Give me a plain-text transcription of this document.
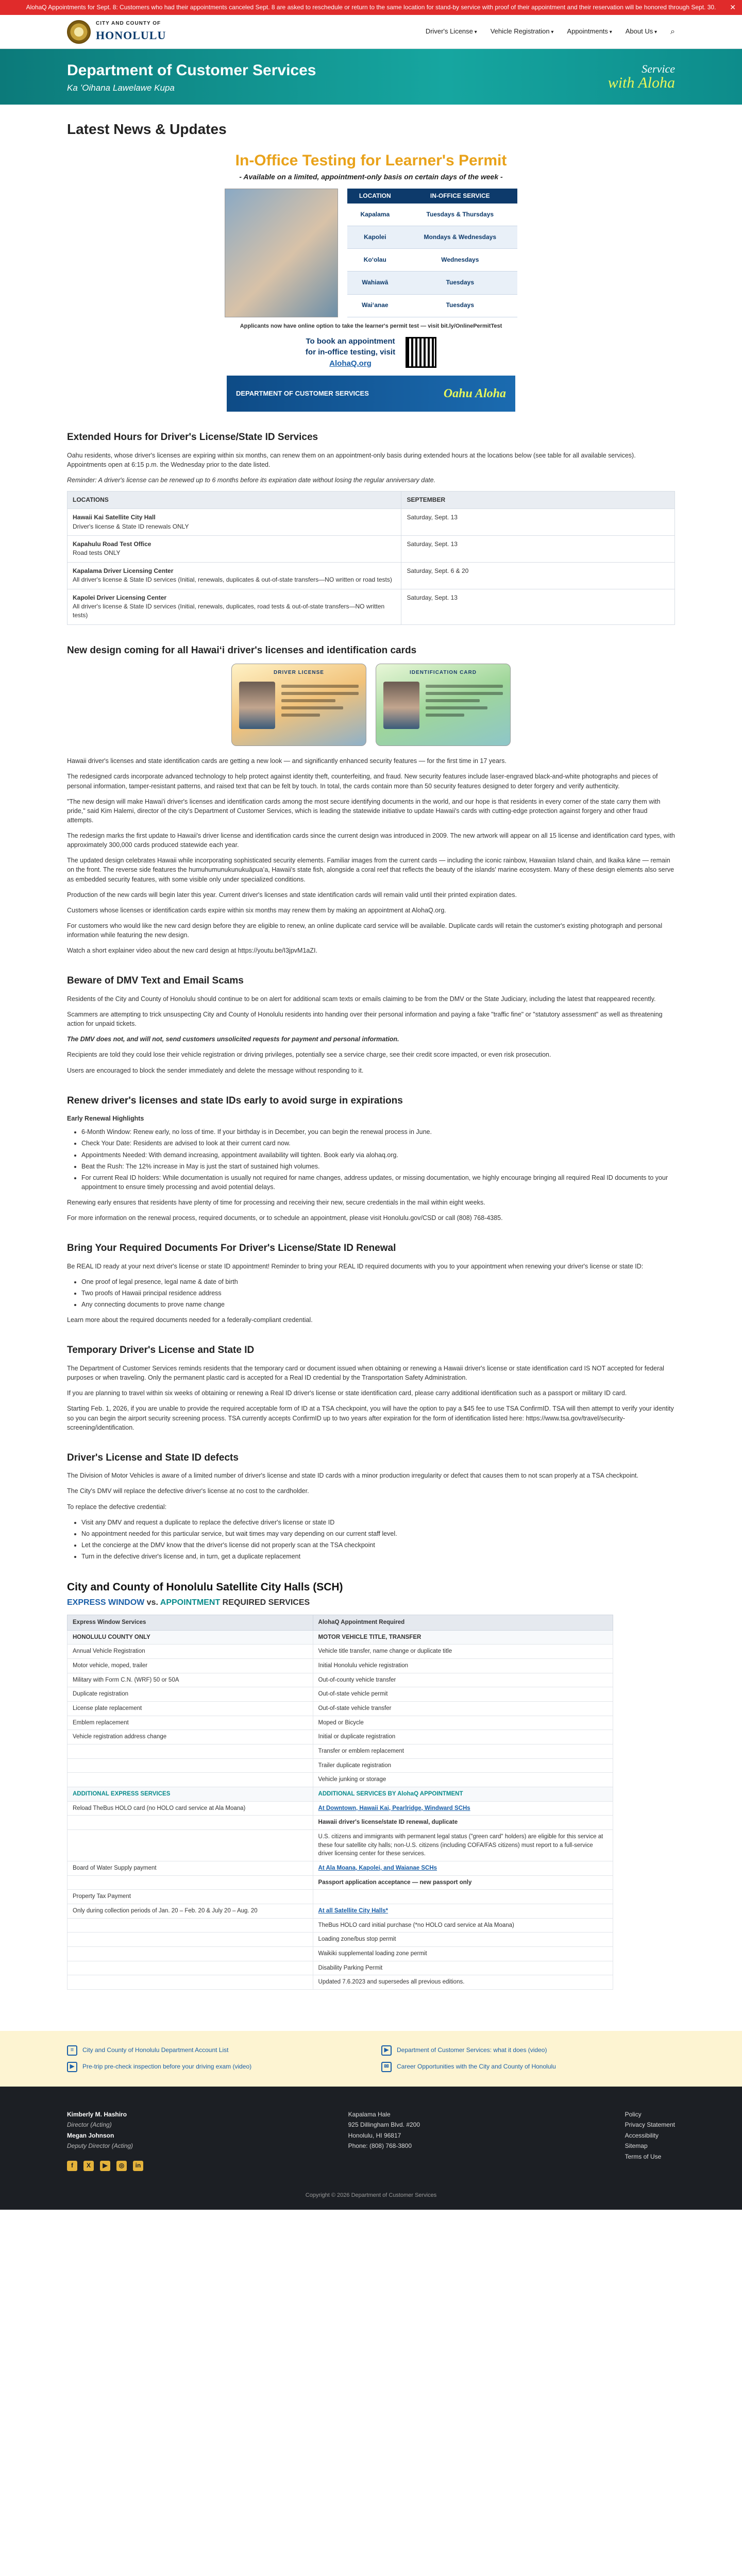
AlohaQ Appointments for Sept. 8: Customers who had their appointments canceled Sept. 8 are asked to reschedule or return to the same location for stand-by service with proof of their appointment and their reservation will be honored through Sept. 30. ✕
CITY AND COUNTY OF
HONOLULU	Driver's License ▾	Vehicle Registration ▾	Appointments ▾	About Us ▾	⌕
Department of Customer Services
Ka ʻOihana Lawelawe Kupa
Service
with Aloha
Latest News & Updates
In-Office Testing for Learner's Permit
- Available on a limited, appointment-only basis on certain days of the week -
LOCATION	IN-OFFICE SERVICE
Kapalama	Tuesdays & Thursdays
Kapolei	Mondays & Wednesdays
Koʻolau	Wednesdays
Wahiawā	Tuesdays
Waiʻanae	Tuesdays
Applicants now have online option to take the learner's permit test — visit bit.ly/OnlinePermitTest
To book an appointment
for in-office testing, visit
AlohaQ.org
DEPARTMENT OF CUSTOMER SERVICES	Oahu Aloha
Extended Hours for Driver's License/State ID Services

Oahu residents, whose driver's licenses are expiring within six months, can renew them on an appointment-only basis during extended hours at the locations below (see table for all available services). Appointments open at 6:15 p.m. the Wednesday prior to the date listed.

Reminder: A driver's license can be renewed up to 6 months before its expiration date without losing the regular anniversary date.

LOCATIONS	SEPTEMBER

Hawaii Kai Satellite City Hall
Driver's license & State ID renewals ONLY	Saturday, Sept. 13

Kapahulu Road Test Office
Road tests ONLY	Saturday, Sept. 13

Kapalama Driver Licensing Center
All driver's license & State ID services (Initial, renewals, duplicates & out-of-state transfers—NO written or road tests)	Saturday, Sept. 6 & 20

Kapolei Driver Licensing Center
All driver's license & State ID services (Initial, renewals, duplicates, road tests & out-of-state transfers—NO written tests)	Saturday, Sept. 13
New design coming for all Hawaiʻi driver's licenses and identification cards
DRIVER LICENSE	IDENTIFICATION CARD

Hawaii driver's licenses and state identification cards are getting a new look — and significantly enhanced security features — for the first time in 17 years.

The redesigned cards incorporate advanced technology to help protect against identity theft, counterfeiting, and fraud. New security features include laser-engraved black-and-white photographs and pieces of personal information, tamper-resistant patterns, and raised text that can be felt by touch. In total, the cards contain more than 50 security features designed to deter forgery and verify authenticity.

"The new design will make Hawai'i driver's licenses and identification cards among the most secure identifying documents in the world, and our hope is that residents in every corner of the state carry them with pride," said Kim Halemi, director of the city's Department of Customer Services, which is leading the statewide initiative to update Hawaii's cards with cutting-edge protection against forgery and other fraud attempts.

The redesign marks the first update to Hawaii's driver license and identification cards since the current design was introduced in 2009. The new artwork will appear on all 15 license and identification card types, with approximately 300,000 cards produced statewide each year.

The updated design celebrates Hawaii while incorporating sophisticated security elements. Familiar images from the current cards — including the iconic rainbow, Hawaiian Island chain, and Ikaika kāne — remain on the front. The reverse side features the humuhumunukunukuāpuaʻa, Hawaii's state fish, alongside a coral reef that reflects the beauty of the islands' marine ecosystem. Many of these design elements also serve as embedded security features, with some visible only under specialized conditions.

Production of the new cards will begin later this year. Current driver's licenses and state identification cards will remain valid until their printed expiration dates.

Customers whose licenses or identification cards expire within six months may renew them by making an appointment at AlohaQ.org.

For customers who would like the new card design before they are eligible to renew, an online duplicate card service will be available. Duplicate cards will retain the customer's existing photograph and personal information while featuring the new design.

Watch a short explainer video about the new card design at https://youtu.be/I3jpvM1aZI.

Beware of DMV Text and Email Scams

Residents of the City and County of Honolulu should continue to be on alert for additional scam texts or emails claiming to be from the DMV or the State Judiciary, including the latest that reappeared recently.

Scammers are attempting to trick unsuspecting City and County of Honolulu residents into handing over their personal information and paying a fake "traffic fine" or "statutory assessment" as well as threatening action for unpaid tickets.

The DMV does not, and will not, send customers unsolicited requests for payment and personal information.

Recipients are told they could lose their vehicle registration or driving privileges, potentially see a service charge, see their credit score impacted, or even risk prosecution.

Users are encouraged to block the sender immediately and delete the message without responding to it.

Renew driver's licenses and state IDs early to avoid surge in expirations
Early Renewal Highlights
• 6-Month Window: Renew early, no loss of time. If your birthday is in December, you can begin the renewal process in June.
• Check Your Date: Residents are advised to look at their current card now.
• Appointments Needed: With demand increasing, appointment availability will tighten. Book early via alohaq.org.
• Beat the Rush: The 12% increase in May is just the start of sustained high volumes.
• For current Real ID holders: While documentation is usually not required for name changes, address updates, or missing documentation, we highly encourage bringing all required Real ID documents to your appointment to ensure timely processing and avoid potential delays.

Renewing early ensures that residents have plenty of time for processing and receiving their new, secure credentials in the mail within eight weeks.

For more information on the renewal process, required documents, or to schedule an appointment, please visit Honolulu.gov/CSD or call (808) 768-4385.

Bring Your Required Documents For Driver's License/State ID Renewal

Be REAL ID ready at your next driver's license or state ID appointment! Reminder to bring your REAL ID required documents with you to your appointment when renewing your driver's license or state ID:

• One proof of legal presence, legal name & date of birth
• Two proofs of Hawaii principal residence address
• Any connecting documents to prove name change

Learn more about the required documents needed for a federally-compliant credential.

Temporary Driver's License and State ID

The Department of Customer Services reminds residents that the temporary card or document issued when obtaining or renewing a Hawaii driver's license or state identification card IS NOT accepted for federal purposes or when traveling. Only the permanent plastic card is accepted for a Real ID credential by the Transportation Safety Administration.

If you are planning to travel within six weeks of obtaining or renewing a Real ID driver's license or state identification card, please carry additional identification such as a passport or military ID card.

Starting Feb. 1, 2026, if you are unable to provide the required acceptable form of ID at a TSA checkpoint, you will have the option to pay a $45 fee to use TSA ConfirmID. TSA will then attempt to verify your identity so you can begin the airport security screening process. TSA currently accepts ConfirmID up to two years after expiration for the form of identification listed here: https://www.tsa.gov/travel/security-screening/identification.

Driver's License and State ID defects

The Division of Motor Vehicles is aware of a limited number of driver's license and state ID cards with a minor production irregularity or defect that causes them to not scan properly at a TSA checkpoint.

The City's DMV will replace the defective driver's license at no cost to the cardholder.

To replace the defective credential:

• Visit any DMV and request a duplicate to replace the defective driver's license or state ID
• No appointment needed for this particular service, but wait times may vary depending on our current staff level.
• Let the concierge at the DMV know that the driver's license did not properly scan at the TSA checkpoint
• Turn in the defective driver's license and, in turn, get a duplicate replacement
City and County of Honolulu Satellite City Halls (SCH)
EXPRESS WINDOW vs. APPOINTMENT REQUIRED SERVICES
Express Window Services	AlohaQ Appointment Required
HONOLULU COUNTY ONLY	MOTOR VEHICLE TITLE, TRANSFER
Annual Vehicle Registration	Vehicle title transfer, name change or duplicate title
Motor vehicle, moped, trailer	Initial Honolulu vehicle registration
Military with Form C.N. (WRF) 50 or 50A	Out-of-county vehicle transfer
Duplicate registration	Out-of-state vehicle permit
License plate replacement	Out-of-state vehicle transfer
Emblem replacement	Moped or Bicycle
Vehicle registration address change	Initial or duplicate registration
	Transfer or emblem replacement
	Trailer duplicate registration
	Vehicle junking or storage
ADDITIONAL EXPRESS SERVICES	ADDITIONAL SERVICES BY AlohaQ APPOINTMENT
Reload TheBus HOLO card (no HOLO card service at Ala Moana)	At Downtown, Hawaii Kai, Pearlridge, Windward SCHs
	Hawaii driver's license/state ID renewal, duplicate
	U.S. citizens and immigrants with permanent legal status ("green card" holders) are eligible for this service at these four satellite city halls; non-U.S. citizens (including COFA/FAS citizens) must report to a full-service driver licensing center for these services.
Board of Water Supply payment	At Ala Moana, Kapolei, and Waianae SCHs
	Passport application acceptance — new passport only
Property Tax Payment	
Only during collection periods of Jan. 20 – Feb. 20 & July 20 – Aug. 20	At all Satellite City Halls*
	TheBus HOLO card initial purchase (*no HOLO card service at Ala Moana)
	Loading zone/bus stop permit
	Waikiki supplemental loading zone permit
	Disability Parking Permit
	Updated 7.6.2023 and supersedes all previous editions.
≡	City and County of Honolulu Department Account List	▶	Department of Customer Services: what it does (video)
▶	Pre-trip pre-check inspection before your driving exam (video)	✉	Career Opportunities with the City and County of Honolulu
Kimberly M. Hashiro
Director (Acting)
Megan Johnson
Deputy Director (Acting)
f	X	▶	◎	in
Kapalama Hale
925 Dillingham Blvd. #200
Honolulu, HI 96817
Phone: (808) 768-3800
Policy
Privacy Statement
Accessibility
Sitemap
Terms of Use
Copyright © 2026 Department of Customer Services
